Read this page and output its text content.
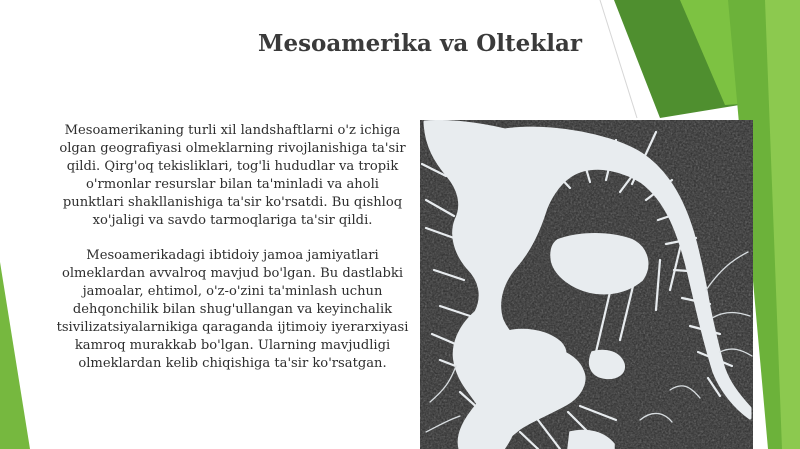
Mesoamerika va Olteklar

Mesoamerikaning turli xil landshaftlarni o'z ichiga olgan geografiyasi olmeklarning rivojlanishiga ta'sir qildi. Qirg'oq tekisliklari, tog'li hududlar va tropik o'rmonlar resurslar bilan ta'minladi va aholi punktlari shakllanishiga ta'sir ko'rsatdi. Bu qishloq xo'jaligi va savdo tarmoqlariga ta'sir qildi.

Mesoamerikadagi ibtidoiy jamoa jamiyatlari olmeklardan avvalroq mavjud bo'lgan. Bu dastlabki jamoalar, ehtimol, o'z-o'zini ta'minlash uchun dehqonchilik bilan shug'ullangan va keyinchalik tsivilizatsiyalarnikiga qaraganda ijtimoiy iyerarxiyasi kamroq murakkab bo'lgan. Ularning mavjudligi olmeklardan kelib chiqishiga ta'sir ko'rsatgan.
